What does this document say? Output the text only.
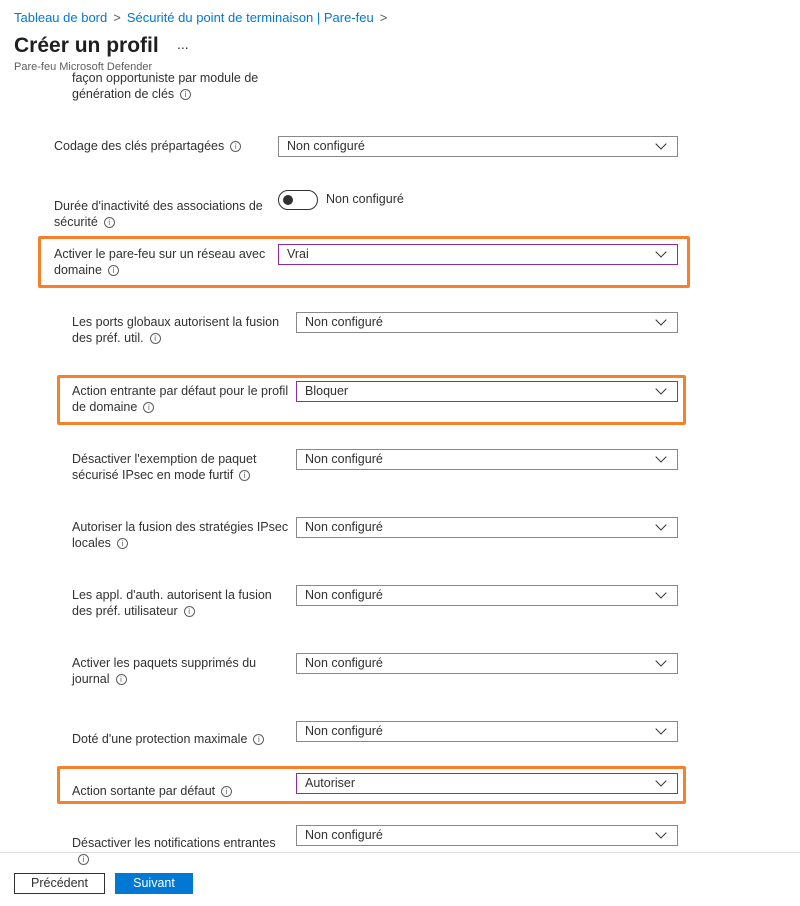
Tableau de bord > Sécurité du point de terminaison | Pare-feu >
Créer un profil ...
Pare-feu Microsoft Defender
façon opportuniste par module de
génération de clés i
Codage des clés prépartagées i	Non configuré
Durée d'inactivité des associations de sécurité i
Non configuré
Activer le pare-feu sur un réseau avec domaine i
Vrai
Les ports globaux autorisent la fusion des préf. util. i
Non configuré
Action entrante par défaut pour le profil de domaine i
Bloquer
Désactiver l'exemption de paquet sécurisé IPsec en mode furtif i
Non configuré
Autoriser la fusion des stratégies IPsec locales i
Non configuré
Les appl. d'auth. autorisent la fusion des préf. utilisateur i
Non configuré
Activer les paquets supprimés du journal i
Non configuré
Doté d'une protection maximale i
Non configuré
Action sortante par défaut i
Autoriser
Désactiver les notifications entrantesi
Non configuré
Précédent	Suivant
